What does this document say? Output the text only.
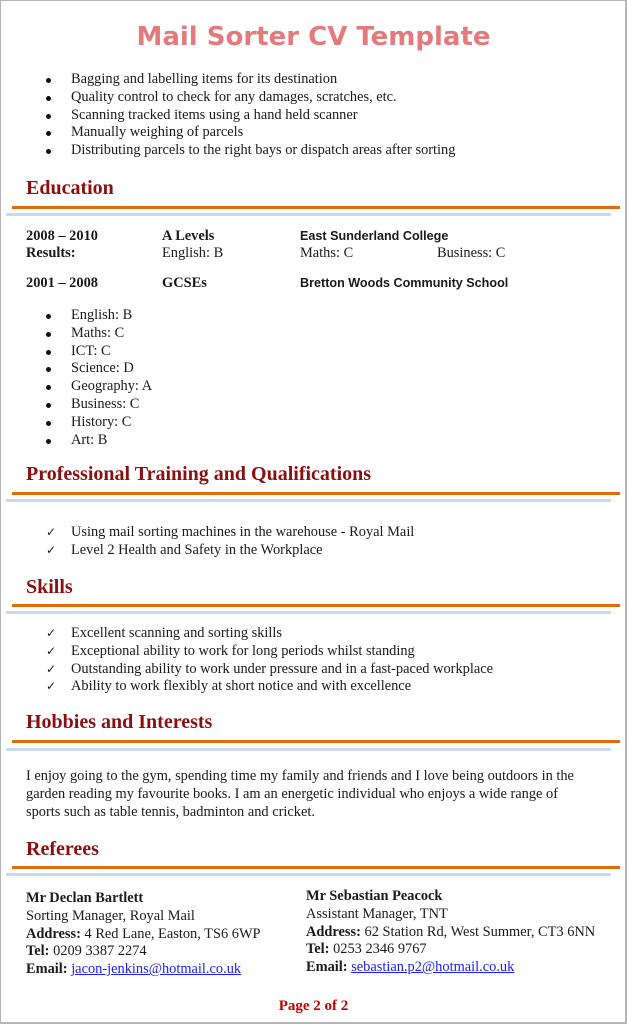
Mail Sorter CV Template
Bagging and labelling items for its destination
Quality control to check for any damages, scratches, etc.
Scanning tracked items using a hand held scanner
Manually weighing of parcels
Distributing parcels to the right bays or dispatch areas after sorting
Education
2008 – 2010	A Levels	East Sunderland College
Results:	English: B	Maths: C	Business: C
2001 – 2008	GCSEs	Bretton Woods Community School
English: B
Maths: C
ICT: C
Science: D
Geography: A
Business: C
History: C
Art: B
Professional Training and Qualifications
✓ Using mail sorting machines in the warehouse - Royal Mail
✓ Level 2 Health and Safety in the Workplace
Skills
✓ Excellent scanning and sorting skills
✓ Exceptional ability to work for long periods whilst standing
✓ Outstanding ability to work under pressure and in a fast-paced workplace
✓ Ability to work flexibly at short notice and with excellence
Hobbies and Interests
I enjoy going to the gym, spending time my family and friends and I love being outdoors in the garden reading my favourite books. I am an energetic individual who enjoys a wide range of sports such as table tennis, badminton and cricket.
Referees
Mr Declan Bartlett
Sorting Manager, Royal Mail
Address: 4 Red Lane, Easton, TS6 6WP
Tel: 0209 3387 2274
Email: jacon-jenkins@hotmail.co.uk
Mr Sebastian Peacock
Assistant Manager, TNT
Address: 62 Station Rd, West Summer, CT3 6NN
Tel: 0253 2346 9767
Email: sebastian.p2@hotmail.co.uk
Page 2 of 2
